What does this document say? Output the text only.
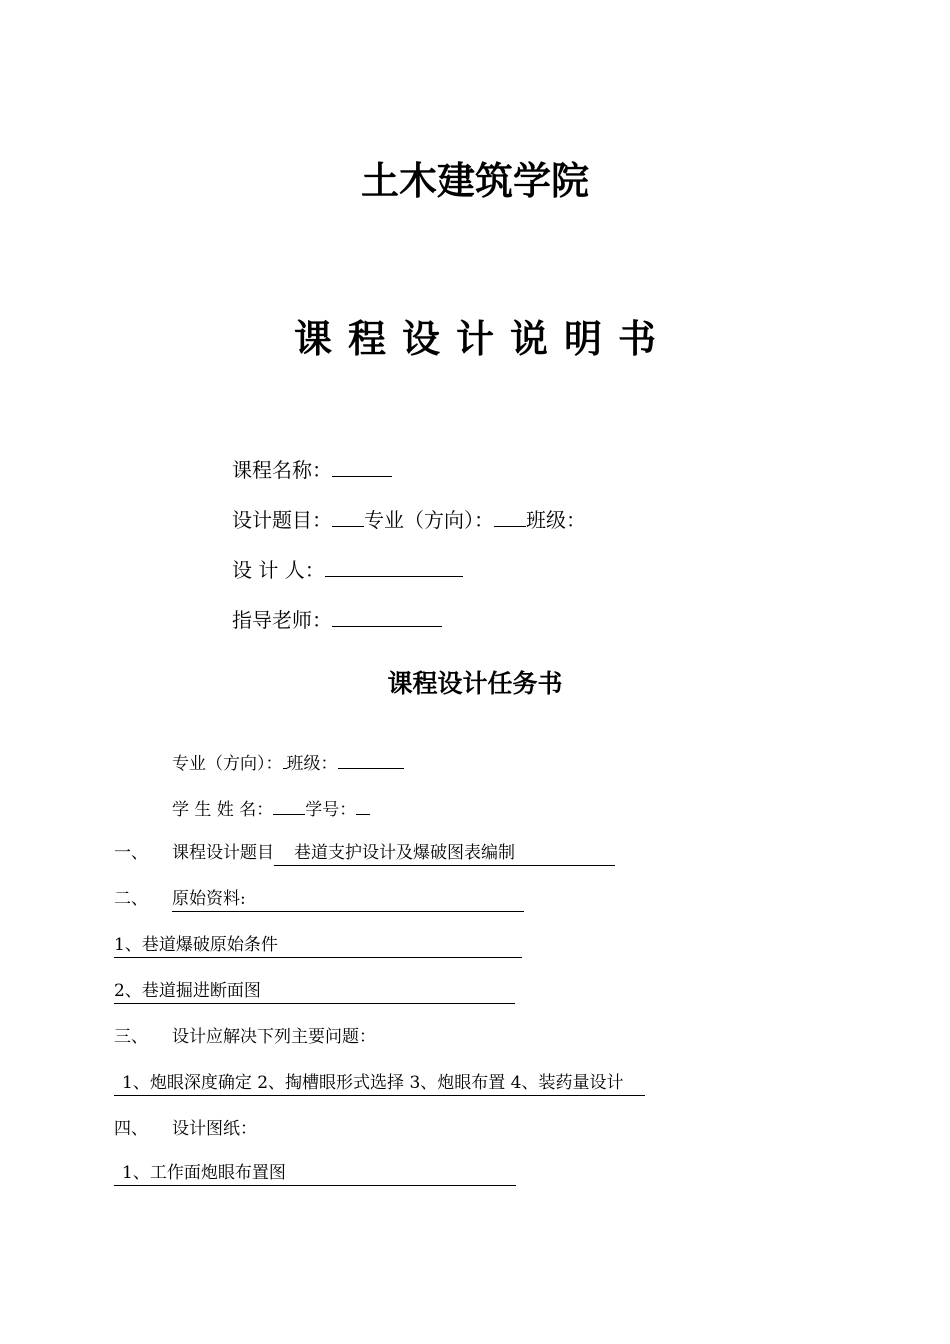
土木建筑学院
课程设计说明书
课程名称：
设计题目： 专业（方向）： 班级：
设 计 人：
指导老师：
课程设计任务书
专业（方向）： 班级：
学 生 姓 名： 学号：
一、 课程设计题目 巷道支护设计及爆破图表编制
二、 原始资料:
1、巷道爆破原始条件
2、巷道掘进断面图
三、 设计应解决下列主要问题：
1、炮眼深度确定 2、掏槽眼形式选择 3、炮眼布置 4、装药量设计
四、 设计图纸：
1、工作面炮眼布置图
